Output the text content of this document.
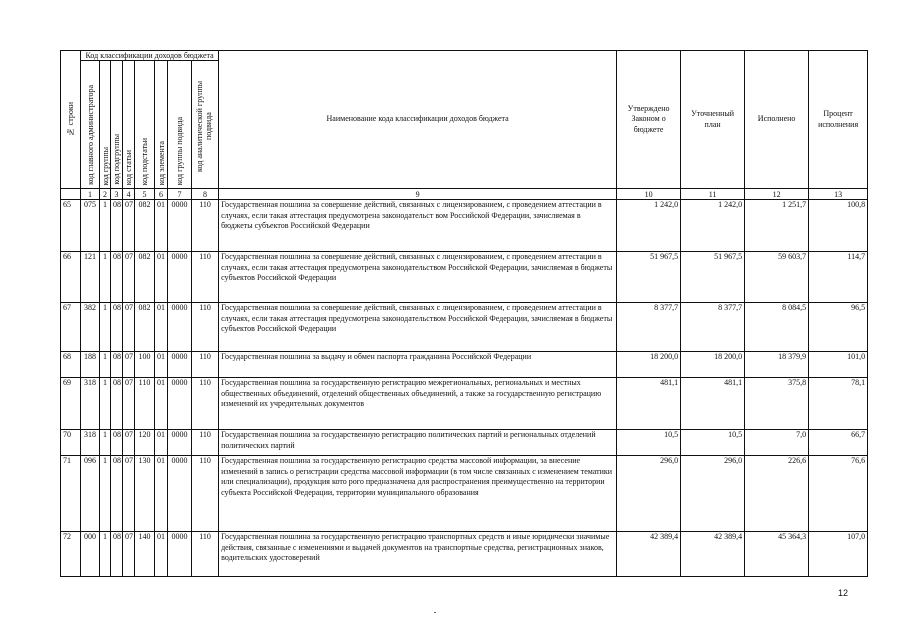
№ строки	Код классификации доходов бюджета								Наименование кода классификации доходов бюджета	Утверждено Законом о бюджете	Уточненный план	Исполнено	Процент исполнения

	код главного администратора	код группы	код подгруппы	код статьи	код подстатьи	код элемента	код группы подвида	код аналитической группы подвида					

	1	2	3	4	5	6	7	8	9	10	11	12	13
65	075	1	08	07	082	01	0000	110	Государственная пошлина за совершение действий, связанных с лицензированием, с проведением аттестации в случаях, если такая аттестация предусмотрена законодательст вом Российской Федерации, зачисляемая в бюджеты субъектов Российской Федерации	1 242,0	1 242,0	1 251,7	100,8
66	121	1	08	07	082	01	0000	110	Государственная пошлина за совершение действий, связанных с лицензированием, с проведением аттестации в случаях, если такая аттестация предусмотрена законодательством Российской Федерации, зачисляемая в бюджеты субъектов Российской Федерации	51 967,5	51 967,5	59 603,7	114,7
67	382	1	08	07	082	01	0000	110	Государственная пошлина за совершение действий, связанных с лицензированием, с проведением аттестации в случаях, если такая аттестация предусмотрена законодательством Российской Федерации, зачисляемая в бюджеты субъектов Российской Федерации	8 377,7	8 377,7	8 084,5	96,5
68	188	1	08	07	100	01	0000	110	Государственная пошлина за выдачу и обмен паспорта гражданина Российской Федерации	18 200,0	18 200,0	18 379,9	101,0
69	318	1	08	07	110	01	0000	110	Государственная пошлина за государственную регистрацию межрегиональных, региональных и местных общественных объединений, отделений общественных объединений, а также за государственную регистрацию изменений их учредительных документов	481,1	481,1	375,8	78,1
70	318	1	08	07	120	01	0000	110	Государственная пошлина за государственную регистрацию политических партий и региональных отделений политических партий	10,5	10,5	7,0	66,7
71	096	1	08	07	130	01	0000	110	Государственная пошлина за государственную регистрацию средства массовой информации, за внесение изменений в запись о регистрации средства массовой информации (в том числе связанных с изменением тематики или специализации), продукция кото рого предназначена для распространения преимущественно на территории субъекта Российской Федерации, территории муниципального образования	296,0	296,0	226,6	76,6
72	000	1	08	07	140	01	0000	110	Государственная пошлина за государственную регистрацию транспортных средств и иные юридически значимые действия, связанные с изменениями и выдачей документов на транспортные средства, регистрационных знаков, водительских удостоверений	42 389,4	42 389,4	45 364,3	107,0
12
